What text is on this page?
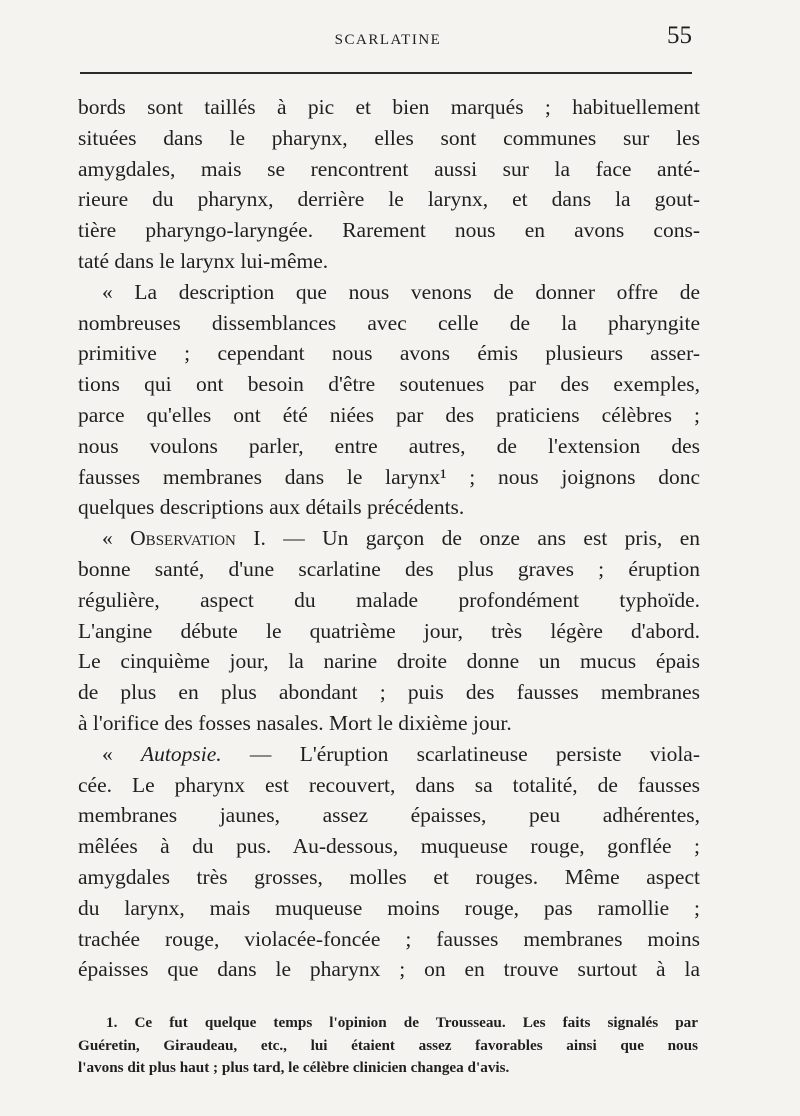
SCARLATINE	55
bords sont taillés à pic et bien marqués ; habituellement
situées dans le pharynx, elles sont communes sur les
amygdales, mais se rencontrent aussi sur la face anté-
rieure du pharynx, derrière le larynx, et dans la gout-
tière pharyngo-laryngée. Rarement nous en avons cons-
taté dans le larynx lui-même.
« La description que nous venons de donner offre de
nombreuses dissemblances avec celle de la pharyngite
primitive ; cependant nous avons émis plusieurs asser-
tions qui ont besoin d'être soutenues par des exemples,
parce qu'elles ont été niées par des praticiens célèbres ;
nous voulons parler, entre autres, de l'extension des
fausses membranes dans le larynx¹ ; nous joignons donc
quelques descriptions aux détails précédents.
« Observation I. — Un garçon de onze ans est pris, en
bonne santé, d'une scarlatine des plus graves ; éruption
régulière, aspect du malade profondément typhoïde.
L'angine débute le quatrième jour, très légère d'abord.
Le cinquième jour, la narine droite donne un mucus épais
de plus en plus abondant ; puis des fausses membranes
à l'orifice des fosses nasales. Mort le dixième jour.
« Autopsie. — L'éruption scarlatineuse persiste viola-
cée. Le pharynx est recouvert, dans sa totalité, de fausses
membranes jaunes, assez épaisses, peu adhérentes,
mêlées à du pus. Au-dessous, muqueuse rouge, gonflée ;
amygdales très grosses, molles et rouges. Même aspect
du larynx, mais muqueuse moins rouge, pas ramollie ;
trachée rouge, violacée-foncée ; fausses membranes moins
épaisses que dans le pharynx ; on en trouve surtout à la
1. Ce fut quelque temps l'opinion de Trousseau. Les faits signalés par
Guéretin, Giraudeau, etc., lui étaient assez favorables ainsi que nous
l'avons dit plus haut ; plus tard, le célèbre clinicien changea d'avis.
